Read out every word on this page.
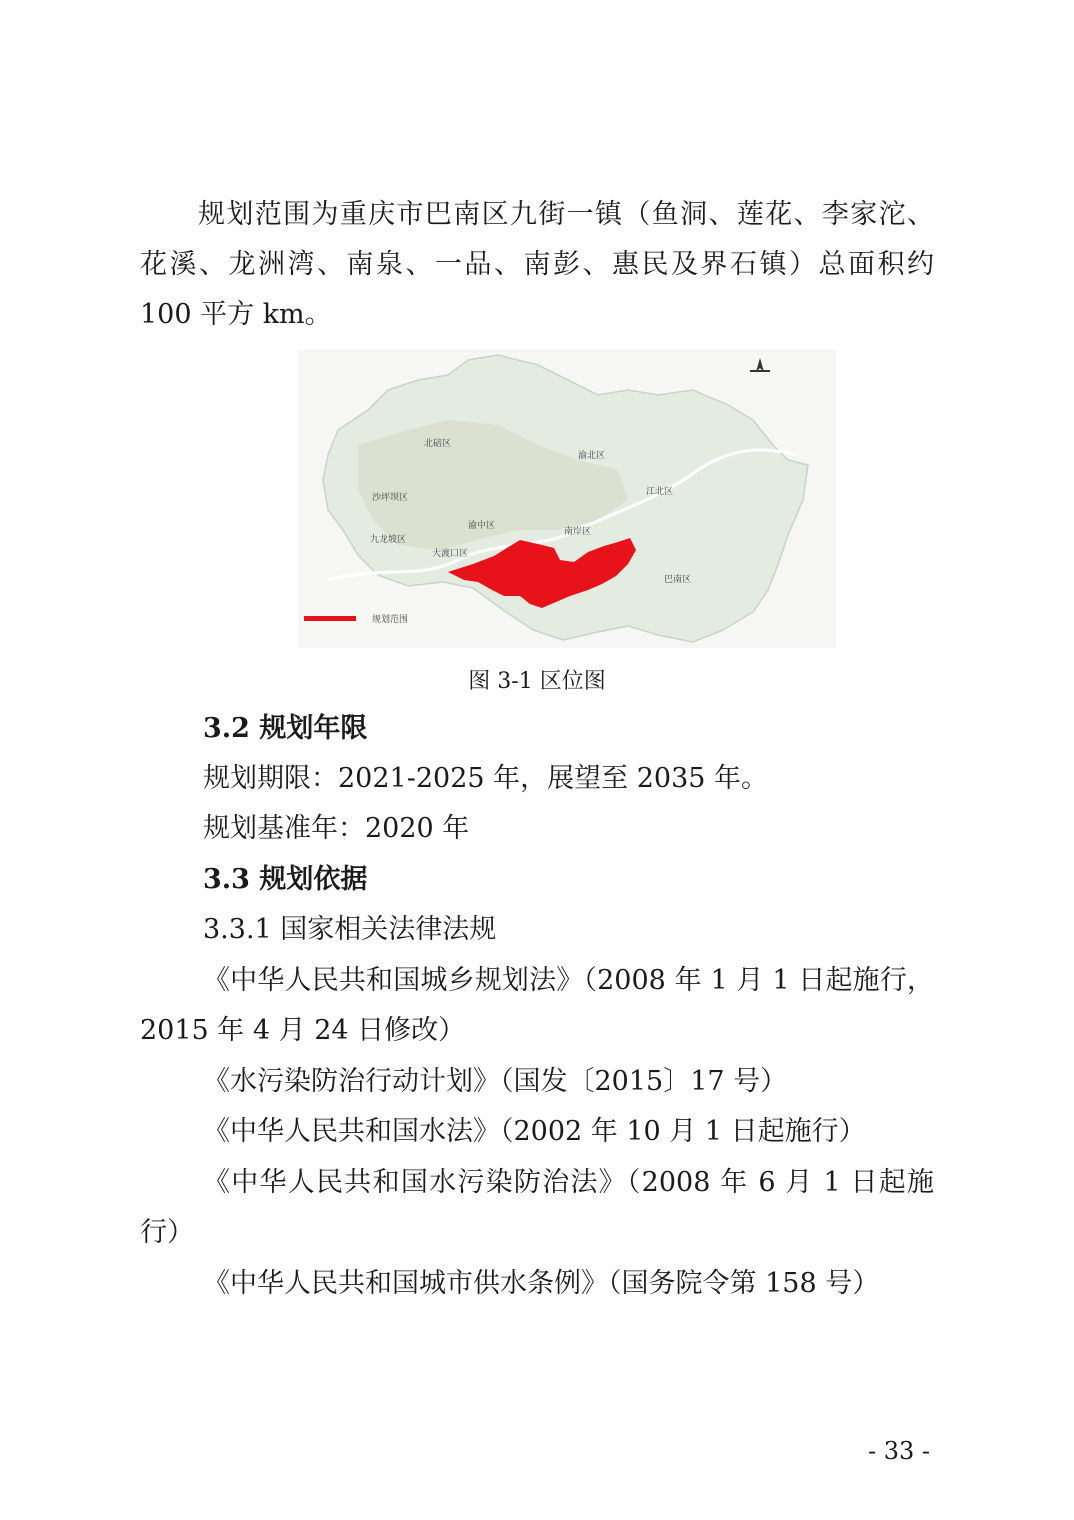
规划范围为重庆市巴南区九街一镇（鱼洞、莲花、李家沱、
花溪、龙洲湾、南泉、一品、南彭、惠民及界石镇）总面积约
100 平方 km。
规划范围
北碚区
渝北区
江北区
沙坪坝区
渝中区
南岸区
九龙坡区
大渡口区
巴南区
图 3-1 区位图
3.2 规划年限
规划期限：2021-2025 年，展望至 2035 年。
规划基准年：2020 年
3.3 规划依据
3.3.1 国家相关法律法规
《中华人民共和国城乡规划法》（2008 年 1 月 1 日起施行，
2015 年 4 月 24 日修改）
《水污染防治行动计划》（国发〔2015〕17 号）
《中华人民共和国水法》（2002 年 10 月 1 日起施行）
《中华人民共和国水污染防治法》（2008 年 6 月 1 日起施
行）
《中华人民共和国城市供水条例》（国务院令第 158 号）
- 33 -
